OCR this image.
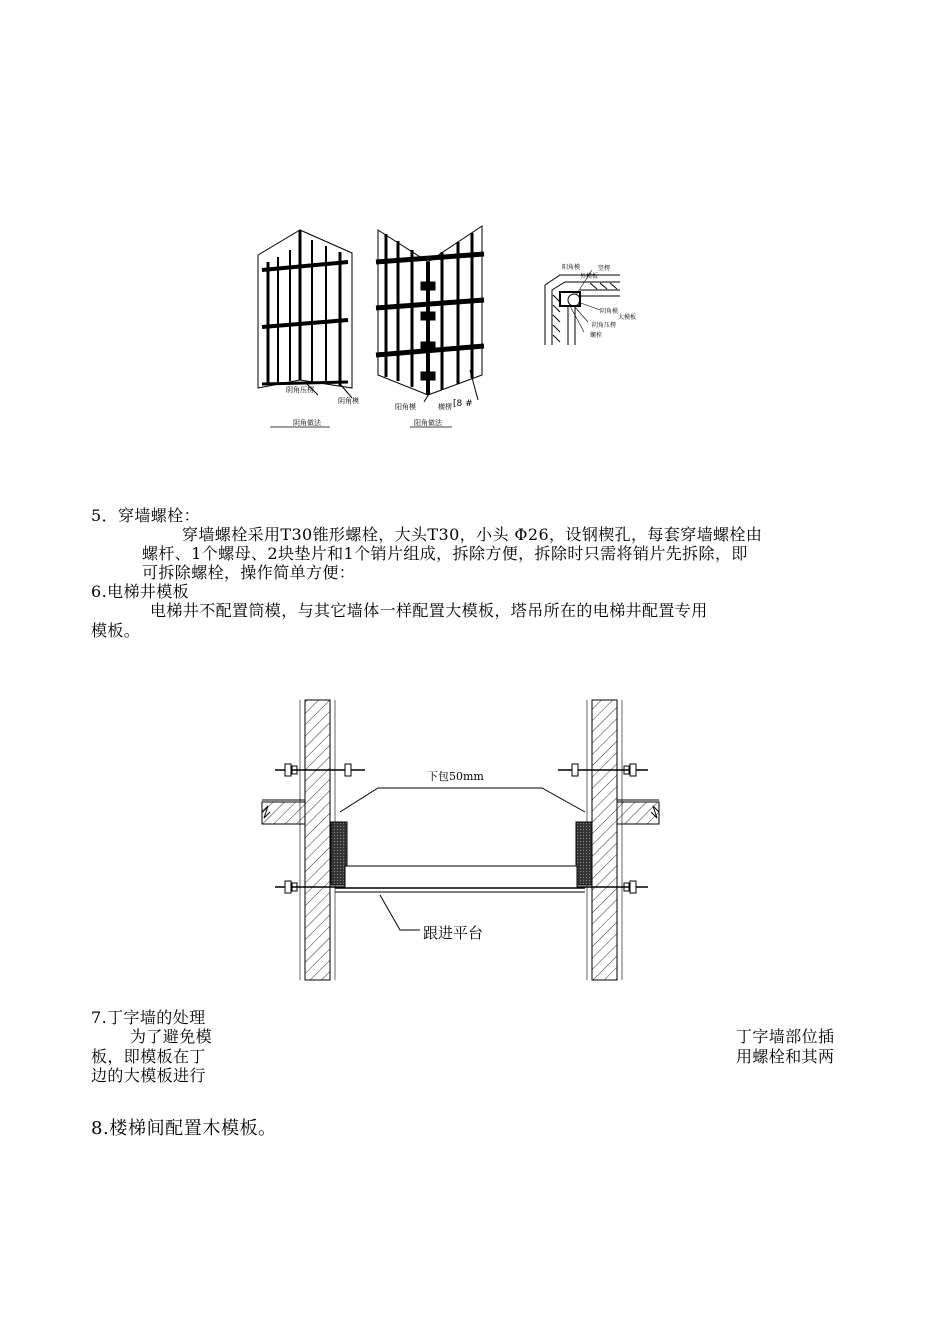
阴角压楞
阴角模
阴角做法
阳角模	横楞 [8 #
阳角做法
阳角模	竖楞
外模板
阴角模
大模板
阴角压楞
螺栓
5．穿墙螺栓：
穿墙螺栓采用T30锥形螺栓，大头T30，小头 Φ26，设钢楔孔，每套穿墙螺栓由
螺杆、1个螺母、2块垫片和1个销片组成，拆除方便，拆除时只需将销片先拆除，即
可拆除螺栓，操作简单方便：
6.电梯井模板
电梯井不配置筒模，与其它墙体一样配置大模板，塔吊所在的电梯井配置专用
模板。
下包50mm
跟进平台
7.丁字墙的处理
为了避免模	丁字墙部位插
板，即模板在丁	用螺栓和其两
边的大模板进行
8.楼梯间配置木模板。
